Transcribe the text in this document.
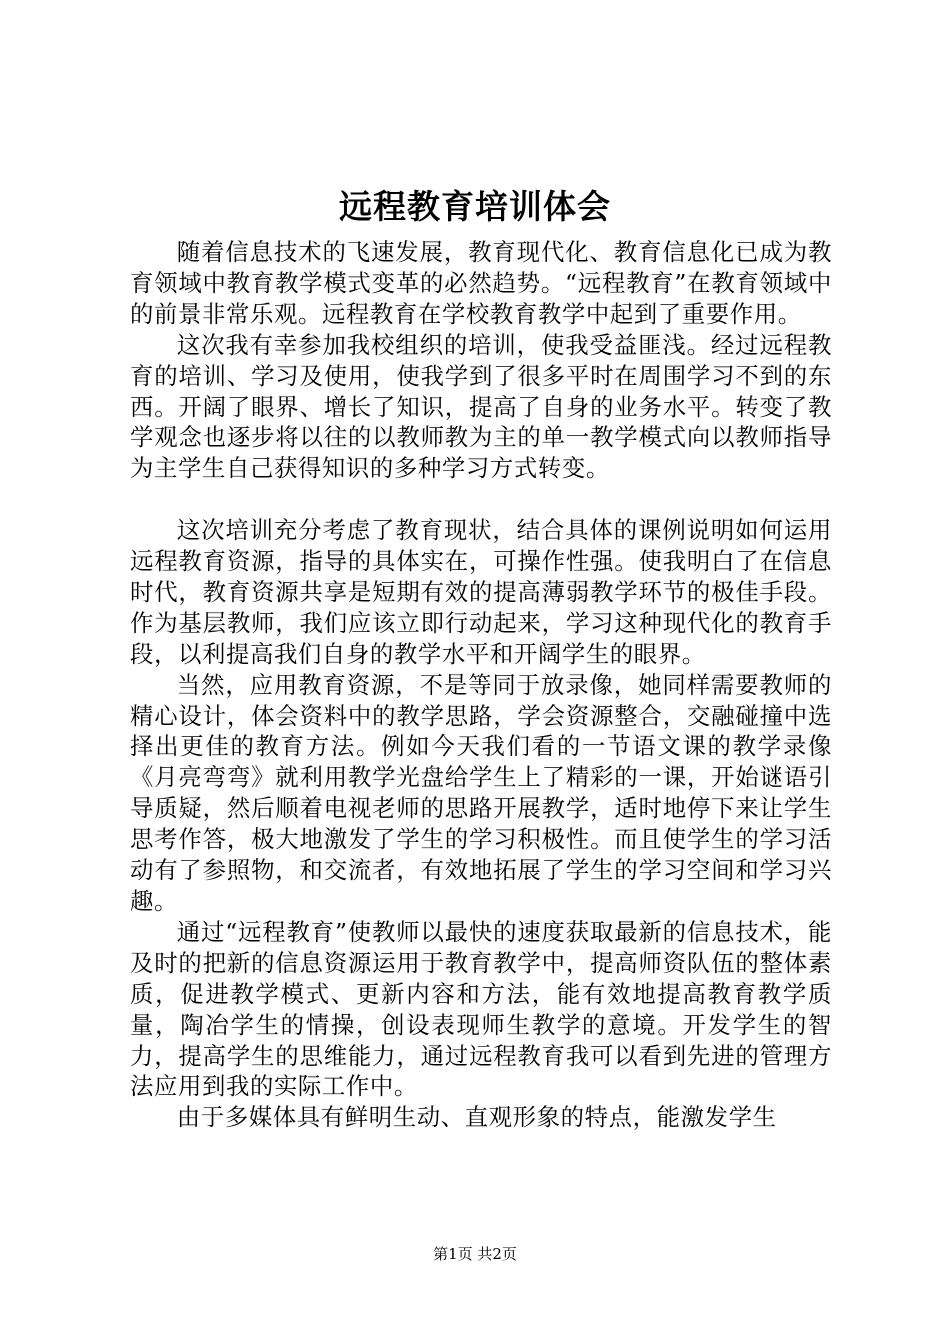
远程教育培训体会

随着信息技术的飞速发展，教育现代化、教育信息化已成为教育领域中教育教学模式变革的必然趋势。“远程教育”在教育领域中的前景非常乐观。远程教育在学校教育教学中起到了重要作用。

这次我有幸参加我校组织的培训，使我受益匪浅。经过远程教育的培训、学习及使用，使我学到了很多平时在周围学习不到的东西。开阔了眼界、增长了知识，提高了自身的业务水平。转变了教学观念也逐步将以往的以教师教为主的单一教学模式向以教师指导为主学生自己获得知识的多种学习方式转变。

这次培训充分考虑了教育现状，结合具体的课例说明如何运用远程教育资源，指导的具体实在，可操作性强。使我明白了在信息时代，教育资源共享是短期有效的提高薄弱教学环节的极佳手段。作为基层教师，我们应该立即行动起来，学习这种现代化的教育手段，以利提高我们自身的教学水平和开阔学生的眼界。

当然，应用教育资源，不是等同于放录像，她同样需要教师的精心设计，体会资料中的教学思路，学会资源整合，交融碰撞中选择出更佳的教育方法。例如今天我们看的一节语文课的教学录像《月亮弯弯》就利用教学光盘给学生上了精彩的一课，开始谜语引导质疑，然后顺着电视老师的思路开展教学，适时地停下来让学生思考作答，极大地激发了学生的学习积极性。而且使学生的学习活动有了参照物，和交流者，有效地拓展了学生的学习空间和学习兴趣。

通过“远程教育”使教师以最快的速度获取最新的信息技术，能及时的把新的信息资源运用于教育教学中，提高师资队伍的整体素质，促进教学模式、更新内容和方法，能有效地提高教育教学质量，陶冶学生的情操，创设表现师生教学的意境。开发学生的智力，提高学生的思维能力，通过远程教育我可以看到先进的管理方法应用到我的实际工作中。

由于多媒体具有鲜明生动、直观形象的特点，能激发学生

第1页 共2页
